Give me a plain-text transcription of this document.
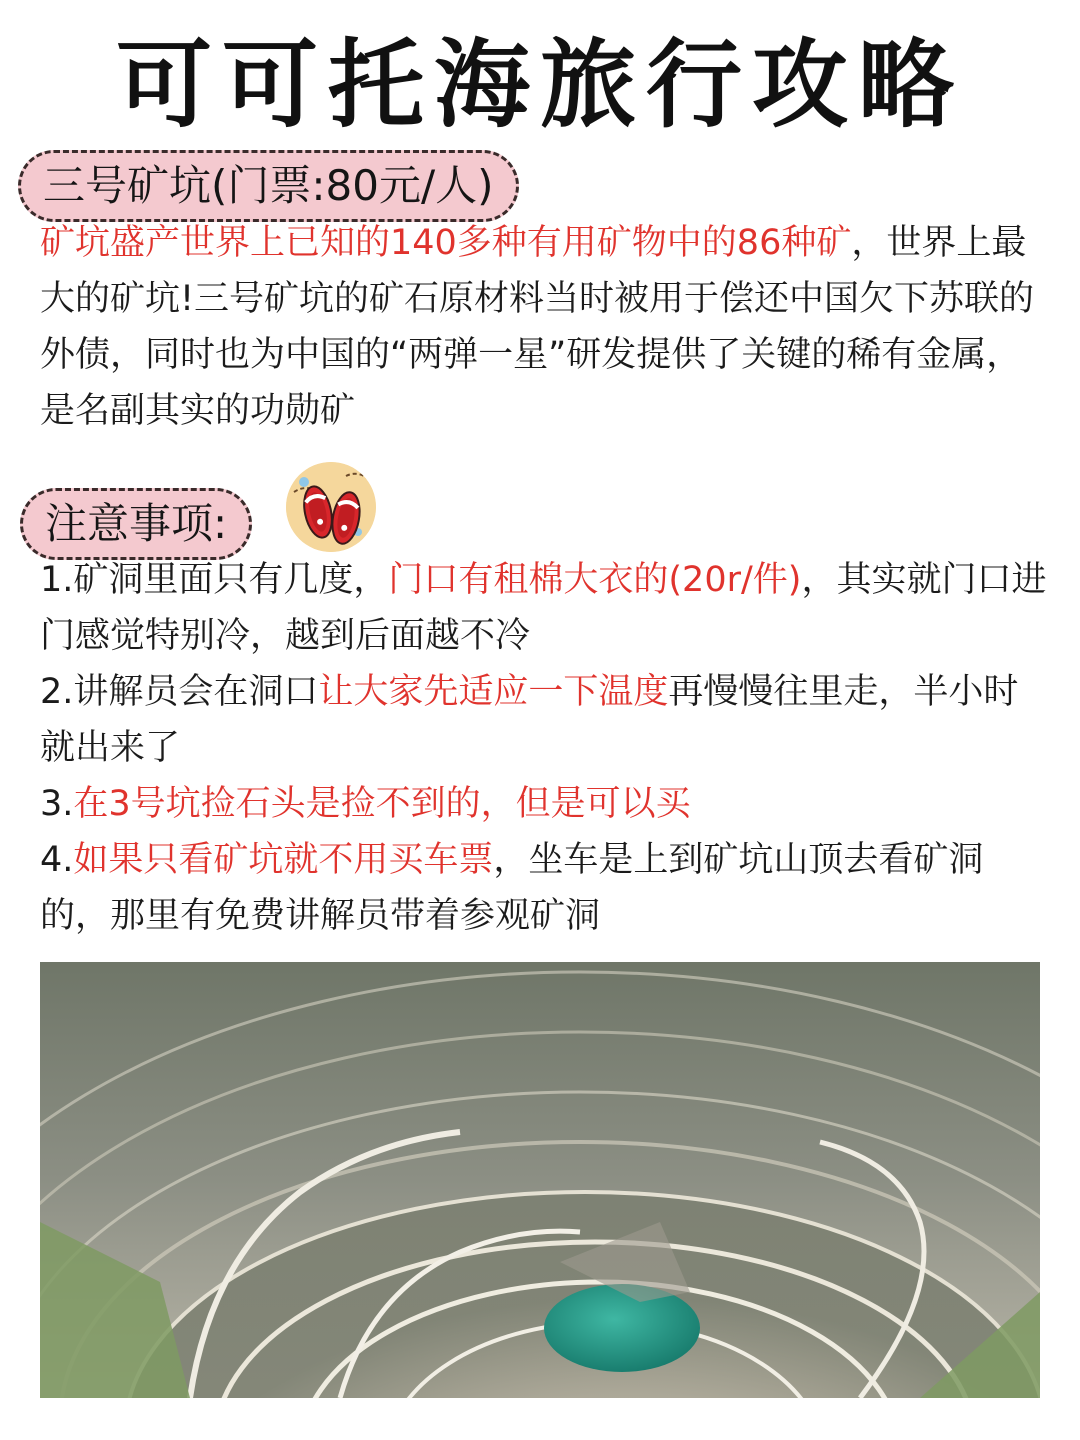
可可托海旅行攻略
三号矿坑(门票:80元/人)
矿坑盛产世界上已知的140多种有用矿物中的86种矿，世界上最大的矿坑!三号矿坑的矿石原材料当时被用于偿还中国欠下苏联的外债，同时也为中国的“两弹一星”研发提供了关键的稀有金属，是名副其实的功勋矿
注意事项:

1.矿洞里面只有几度，门口有租棉大衣的(20r/件)，其实就门口进门感觉特别冷，越到后面越不冷

2.讲解员会在洞口让大家先适应一下温度再慢慢往里走，半小时就出来了

3.在3号坑捡石头是捡不到的，但是可以买

4.如果只看矿坑就不用买车票，坐车是上到矿坑山顶去看矿洞的，那里有免费讲解员带着参观矿洞
